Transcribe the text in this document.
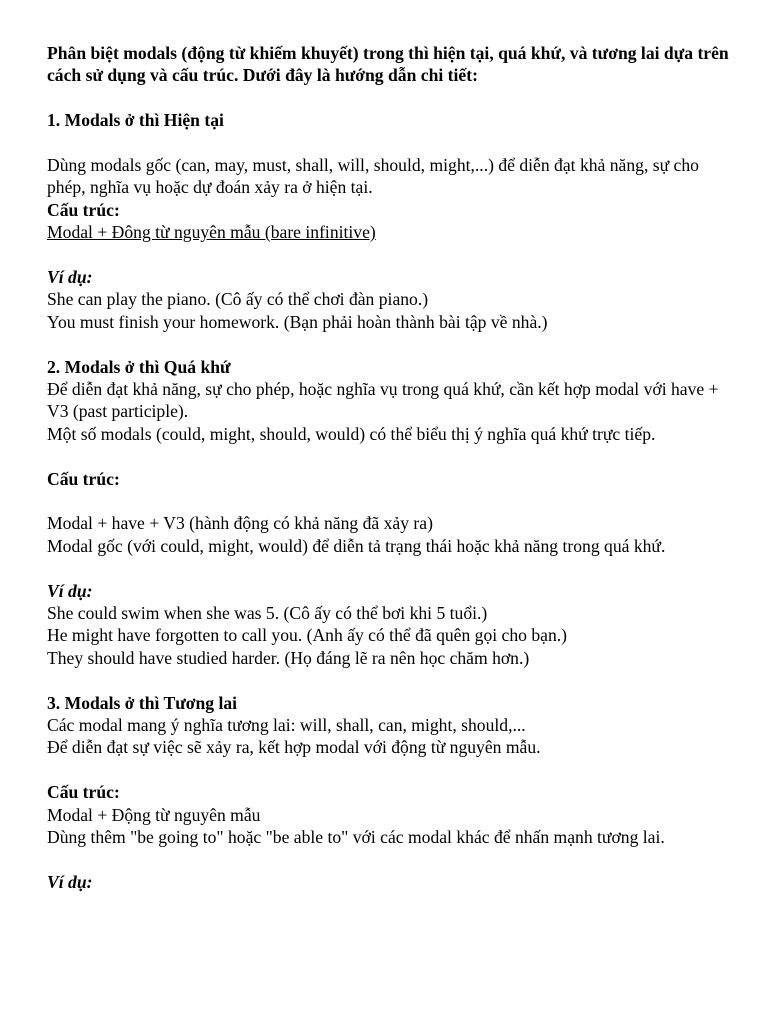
Phân biệt modals (động từ khiếm khuyết) trong thì hiện tại, quá khứ, và tương lai dựa trên cách sử dụng và cấu trúc. Dưới đây là hướng dẫn chi tiết:

1. Modals ở thì Hiện tại

Dùng modals gốc (can, may, must, shall, will, should, might,...) để diễn đạt khả năng, sự cho phép, nghĩa vụ hoặc dự đoán xảy ra ở hiện tại.

Cấu trúc:

Modal + Đông từ nguyên mẫu (bare infinitive)

Ví dụ:

She can play the piano. (Cô ấy có thể chơi đàn piano.)

You must finish your homework. (Bạn phải hoàn thành bài tập về nhà.)

2. Modals ở thì Quá khứ

Để diễn đạt khả năng, sự cho phép, hoặc nghĩa vụ trong quá khứ, cần kết hợp modal với have + V3 (past participle).

Một số modals (could, might, should, would) có thể biểu thị ý nghĩa quá khứ trực tiếp.

Cấu trúc:

Modal + have + V3 (hành động có khả năng đã xảy ra)

Modal gốc (với could, might, would) để diễn tả trạng thái hoặc khả năng trong quá khứ.

Ví dụ:

She could swim when she was 5. (Cô ấy có thể bơi khi 5 tuổi.)

He might have forgotten to call you. (Anh ấy có thể đã quên gọi cho bạn.)

They should have studied harder. (Họ đáng lẽ ra nên học chăm hơn.)

3. Modals ở thì Tương lai

Các modal mang ý nghĩa tương lai: will, shall, can, might, should,...

Để diễn đạt sự việc sẽ xảy ra, kết hợp modal với động từ nguyên mẫu.

Cấu trúc:

Modal + Động từ nguyên mẫu

Dùng thêm "be going to" hoặc "be able to" với các modal khác để nhấn mạnh tương lai.

Ví dụ:
